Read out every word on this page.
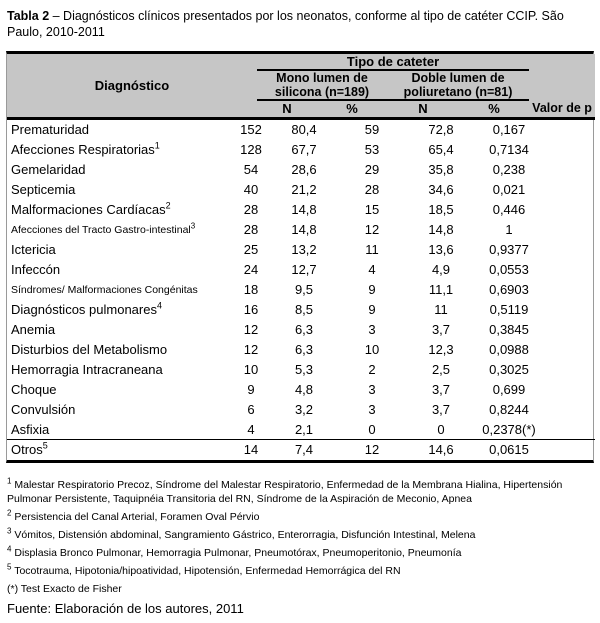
Tabla 2 – Diagnósticos clínicos presentados por los neonatos, conforme al tipo de catéter CCIP. São Paulo, 2010-2011

Diagnóstico	Tipo de cateter				
	Mono lumen de silicona (n=189)		Doble lumen de poliuretano (n=81)		
	N	%	N	%	Valor de p
Prematuridad	152	80,4	59	72,8	0,167	
Afecciones Respiratorias$^1$	128	67,7	53	65,4	0,7134	
Gemelaridad	54	28,6	29	35,8	0,238	
Septicemia	40	21,2	28	34,6	0,021	
Malformaciones Cardíacas$^2$	28	14,8	15	18,5	0,446	
Afecciones del Tracto Gastro-intestinal$^3$	28	14,8	12	14,8	1	
Ictericia	25	13,2	11	13,6	0,9377	
Infeccón	24	12,7	4	4,9	0,0553	
Síndromes/ Malformaciones Congénitas	18	9,5	9	11,1	0,6903	
Diagnósticos pulmonares$^4$	16	8,5	9	11	0,5119	
Anemia	12	6,3	3	3,7	0,3845	
Disturbios del Metabolismo	12	6,3	10	12,3	0,0988	
Hemorragia Intracraneana	10	5,3	2	2,5	0,3025	
Choque	9	4,8	3	3,7	0,699	
Convulsión	6	3,2	3	3,7	0,8244	
Asfixia	4	2,1	0	0	0,2378(*)	
Otros$^5$	14	7,4	12	14,6	0,0615	

$^1$ Malestar Respiratorio Precoz, Síndrome del Malestar Respiratorio, Enfermedad de la Membrana Hialina, Hipertensión Pulmonar Persistente, Taquipnéia Transitoria del RN, Síndrome de la Aspiración de Meconio, Apnea

$^2$ Persistencia del Canal Arterial, Foramen Oval Pérvio

$^3$ Vómitos, Distensión abdominal, Sangramiento Gástrico, Enterorragia, Disfunción Intestinal, Melena

$^4$ Displasia Bronco Pulmonar, Hemorragia Pulmonar, Pneumotórax, Pneumoperitonio, Pneumonía

$^5$ Tocotrauma, Hipotonia/hipoatividad, Hipotensión, Enfermedad Hemorrágica del RN

(*) Test Exacto de Fisher

Fuente: Elaboración de los autores, 2011
